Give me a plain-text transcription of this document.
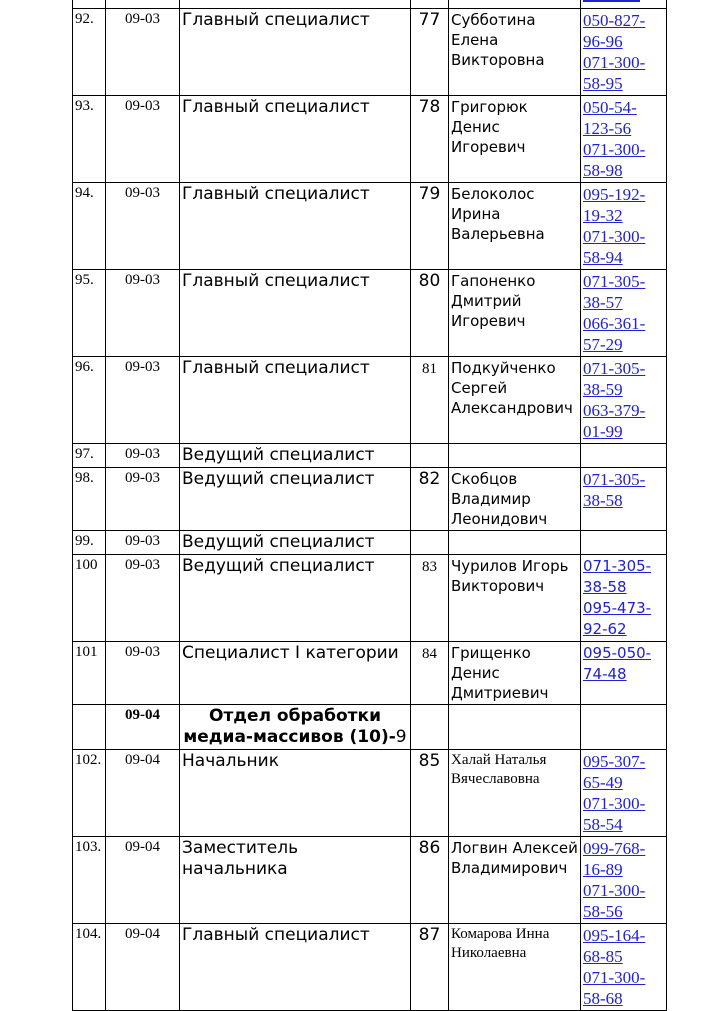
92.	09-03	Главный специалист	77	Субботина Елена Викторовна	050-827-96-96
071-300-58-95

93.	09-03	Главный специалист	78	Григорюк Денис Игоревич	050-54-123-56
071-300-58-98

94.	09-03	Главный специалист	79	Белоколос Ирина Валерьевна	095-192-19-32
071-300-58-94

95.	09-03	Главный специалист	80	Гапоненко Дмитрий Игоревич	071-305-38-57
066-361-57-29

96.	09-03	Главный специалист	81	Подкуйченко Сергей Александрович	071-305-38-59
063-379-01-99

97.	09-03	Ведущий специалист			
98.	09-03	Ведущий специалист	82	Скобцов Владимир Леонидович	071-305-38-58

99.	09-03	Ведущий специалист			
100	09-03	Ведущий специалист	83	Чурилов Игорь Викторович	071-305-38-58
095-473-92-62

101	09-03	Специалист I категории	84	Грищенко Денис Дмитриевич	095-050-74-48

	09-04	Отдел обработки медиа-массивов (10)-9			
102.	09-04	Начальник	85	Халай Наталья Вячеславовна	095-307-65-49
071-300-58-54

103.	09-04	Заместитель начальника	86	Логвин Алексей Владимирович	099-768-16-89
071-300-58-56

104.	09-04	Главный специалист	87	Комарова Инна Николаевна	095-164-68-85
071-300-58-68
